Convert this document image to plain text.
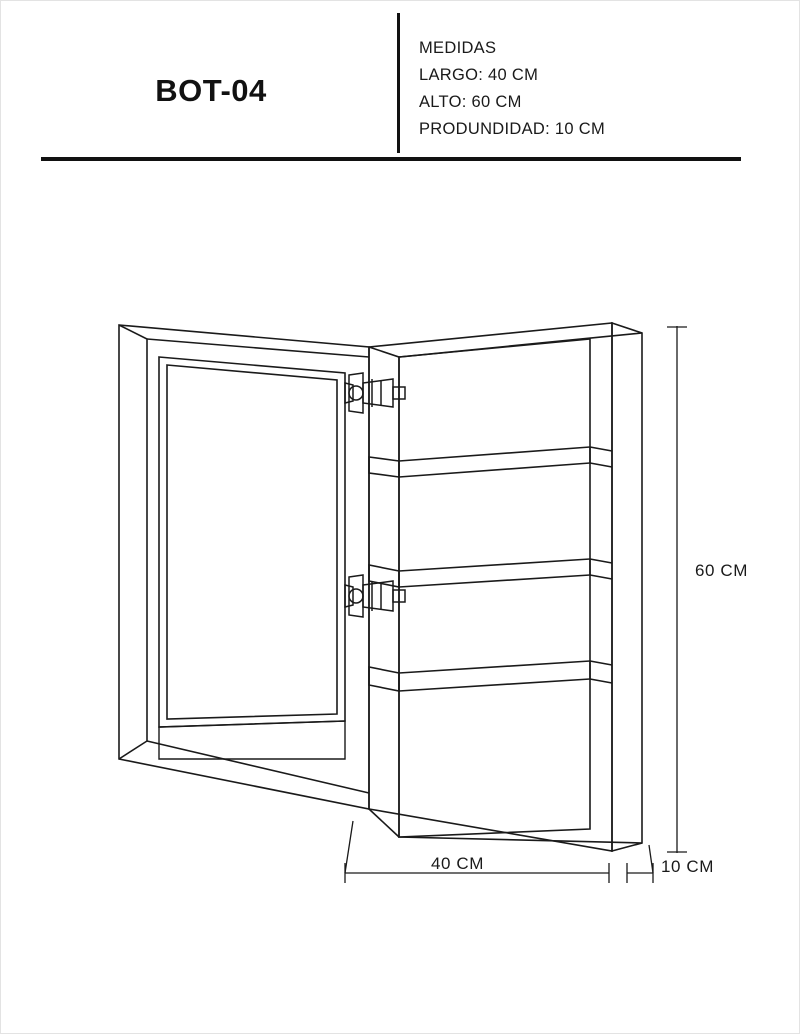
BOT-04
MEDIDAS
LARGO: 40 CM
ALTO: 60 CM
PRODUNDIDAD: 10 CM
60 CM
40 CM	10 CM
